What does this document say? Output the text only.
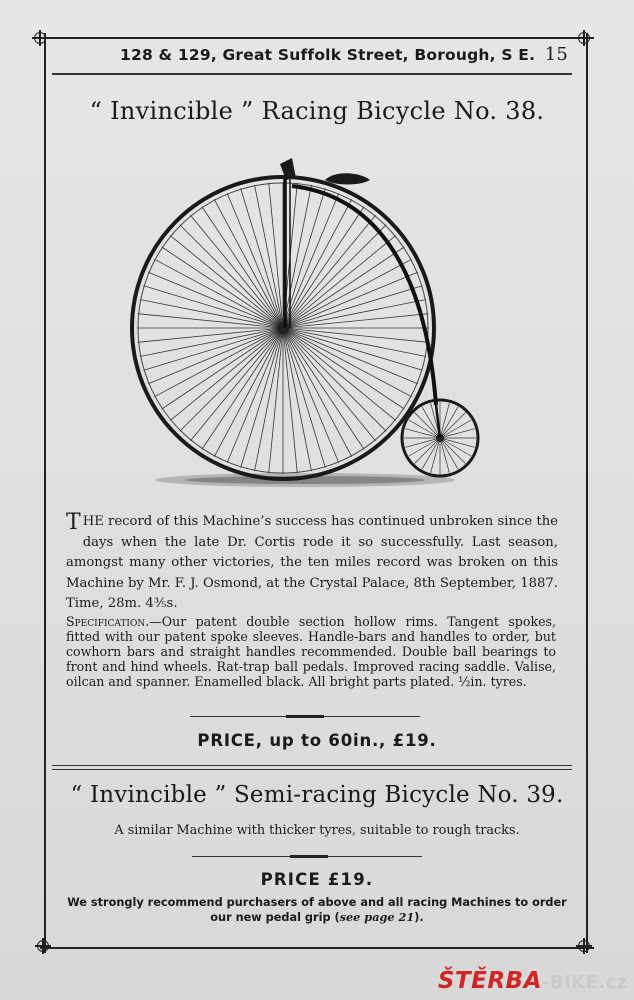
128 & 129, Great Suffolk Street, Borough, S E. 15
“ Invincible ” Racing Bicycle No. 38.
THE record of this Machine’s success has continued unbroken since the days when the late Dr. Cortis rode it so successfully. Last season, amongst many other victories, the ten miles record was broken on this Machine by Mr. F. J. Osmond, at the Crystal Palace, 8th September, 1887. Time, 28m. 4⅗s.
Specification.—Our patent double section hollow rims. Tangent spokes, fitted with our patent spoke sleeves. Handle-bars and handles to order, but cowhorn bars and straight handles recommended. Double ball bearings to front and hind wheels. Rat-trap ball pedals. Improved racing saddle. Valise, oilcan and spanner. Enamelled black. All bright parts plated. ½in. tyres.
PRICE, up to 60in., £19.
“ Invincible ” Semi-racing Bicycle No. 39.
A similar Machine with thicker tyres, suitable to rough tracks.
PRICE £19.
We strongly recommend purchasers of above and all racing Machines to order our new pedal grip (see page 21).
ŠTĚRBA-BIKE.cz
